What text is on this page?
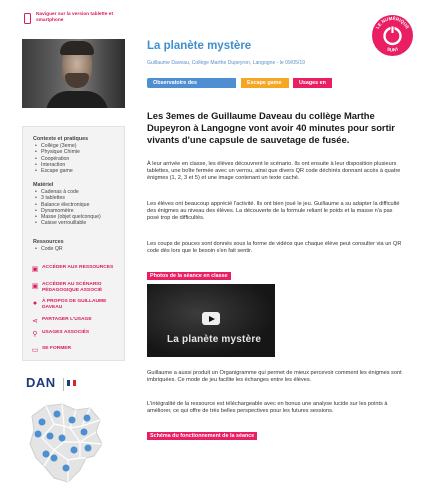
Naviguer sur la version tablette et smartphone
Contexte et pratiques
• Collège (3eme)
• Physique Chimie
• Coopération
• Interaction
• Escape game
Matériel
• Cadenas à code
• 3 tablettes
• Balance électronique
• Dynamomètre
• Masse (objet quelconque)
• Caisse verrouillable
Ressources
• Code QR
▣ ACCÉDER AUX RESSOURCES
▣ ACCÉDER AU SCÉNARIO PÉDAGOGIQUE ASSOCIÉ
● À PROPOS DE GUILLAUME DAVEAU
⋖ PARTAGER L'USAGE
⚲ USAGES ASSOCIÉS
▭ SE FORMER
DAN
La planète mystère
Guillaume Daveau, Collège Marthe Dupeyron, Langogne - le 09/05/19
LE NUMÉRIQUE
SUIVI
Observatoire des	Escape game	Usages en
Les 3emes de Guillaume Daveau du collège Marthe Dupeyron à Langogne vont avoir 40 minutes pour sortir vivants d'une capsule de sauvetage de fusée.
À leur arrivée en classe, les élèves découvrent le scénario. Ils ont ensuite à leur disposition plusieurs tablettes, une boîte fermée avec un verrou, ainsi que divers QR code déchirés donnant accès à quatre énigmes (1, 2, 3 et 5) et une image contenant un texte caché.
Les élèves ont beaucoup apprécié l'activité. Ils ont bien joué le jeu. Guillaume a su adapter la difficulté des énigmes au niveau des élèves. La découverte de la formule reliant le poids et la masse n'a pas posé trop de difficultés.
Les coups de pouces sont donnés sous la forme de vidéos que chaque élève peut consulter via un QR code dès lors que le besoin s'en fait sentir.
Photos de la séance en classe
La planète mystère
Guillaume a aussi produit un Organigramme qui permet de mieux percevoir comment les énigmes sont imbriquées. Ce mode de jeu facilite les échanges entre les élèves.
L'intégralité de la ressource est téléchargeable avec en bonus une analyse lucide sur les points à améliorer, ce qui offre de très belles perspectives pour les futures sessions.
Schéma du fonctionnement de la séance
